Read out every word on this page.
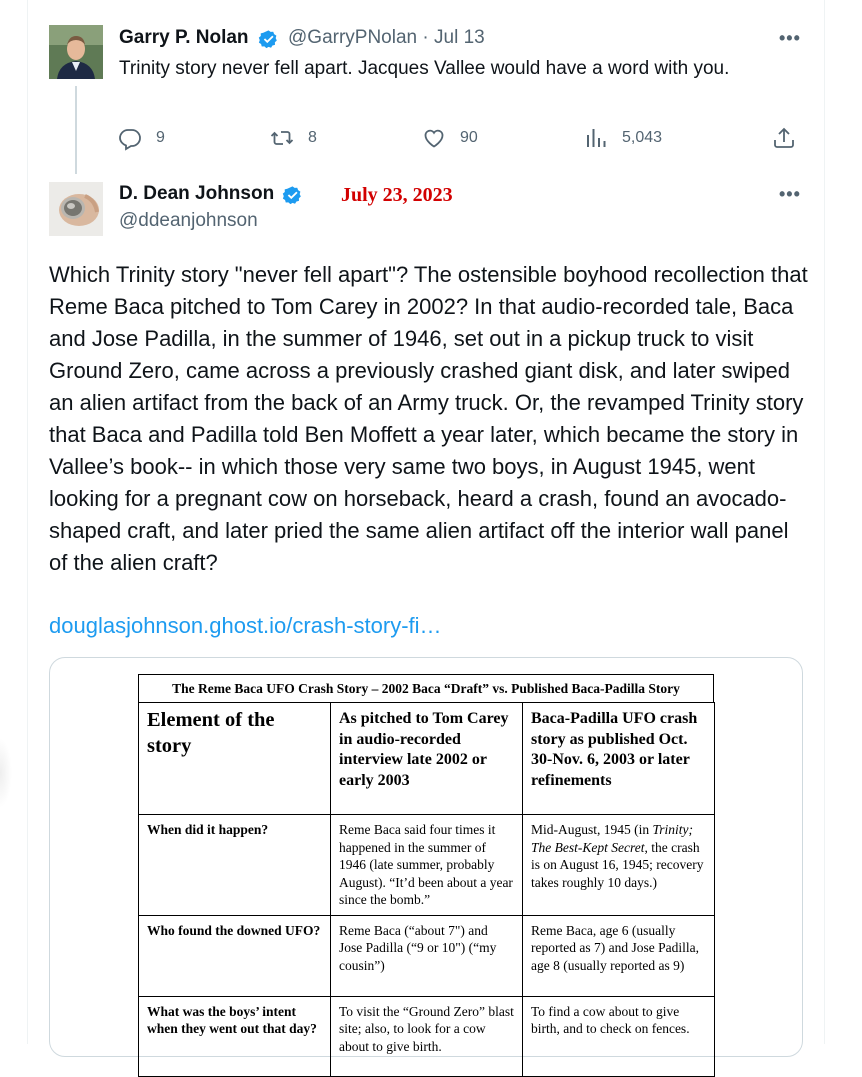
Garry P. Nolan @GarryPNolan · Jul 13	•••
Trinity story never fell apart. Jacques Vallee would have a word with you.
9	8	90	5,043
D. Dean Johnson	July 23, 2023
@ddeanjohnson
•••
Which Trinity story "never fell apart"? The ostensible boyhood recollection that Reme Baca pitched to Tom Carey in 2002? In that audio-recorded tale, Baca and Jose Padilla, in the summer of 1946, set out in a pickup truck to visit Ground Zero, came across a previously crashed giant disk, and later swiped an alien artifact from the back of an Army truck. Or, the revamped Trinity story that Baca and Padilla told Ben Moffett a year later, which became the story in Vallee’s book-- in which those very same two boys, in August 1945, went looking for a pregnant cow on horseback, heard a crash, found an avocado-shaped craft, and later pried the same alien artifact off the interior wall panel of the alien craft?
douglasjohnson.ghost.io/crash-story-fi…
The Reme Baca UFO Crash Story – 2002 Baca “Draft” vs. Published Baca-Padilla Story
Element of the story	As pitched to Tom Carey in audio-recorded interview late 2002 or early 2003	Baca-Padilla UFO crash story as published Oct. 30-Nov. 6, 2003 or later refinements
When did it happen?	Reme Baca said four times it happened in the summer of 1946 (late summer, probably August). “It’d been about a year since the bomb.”	Mid-August, 1945 (in Trinity; The Best-Kept Secret, the crash is on August 16, 1945; recovery takes roughly 10 days.)
Who found the downed UFO?	Reme Baca (“about 7") and Jose Padilla (“9 or 10") (“my cousin”)	Reme Baca, age 6 (usually reported as 7) and Jose Padilla, age 8 (usually reported as 9)
What was the boys’ intent when they went out that day?	To visit the “Ground Zero” blast site; also, to look for a cow about to give birth.	To find a cow about to give birth, and to check on fences.
